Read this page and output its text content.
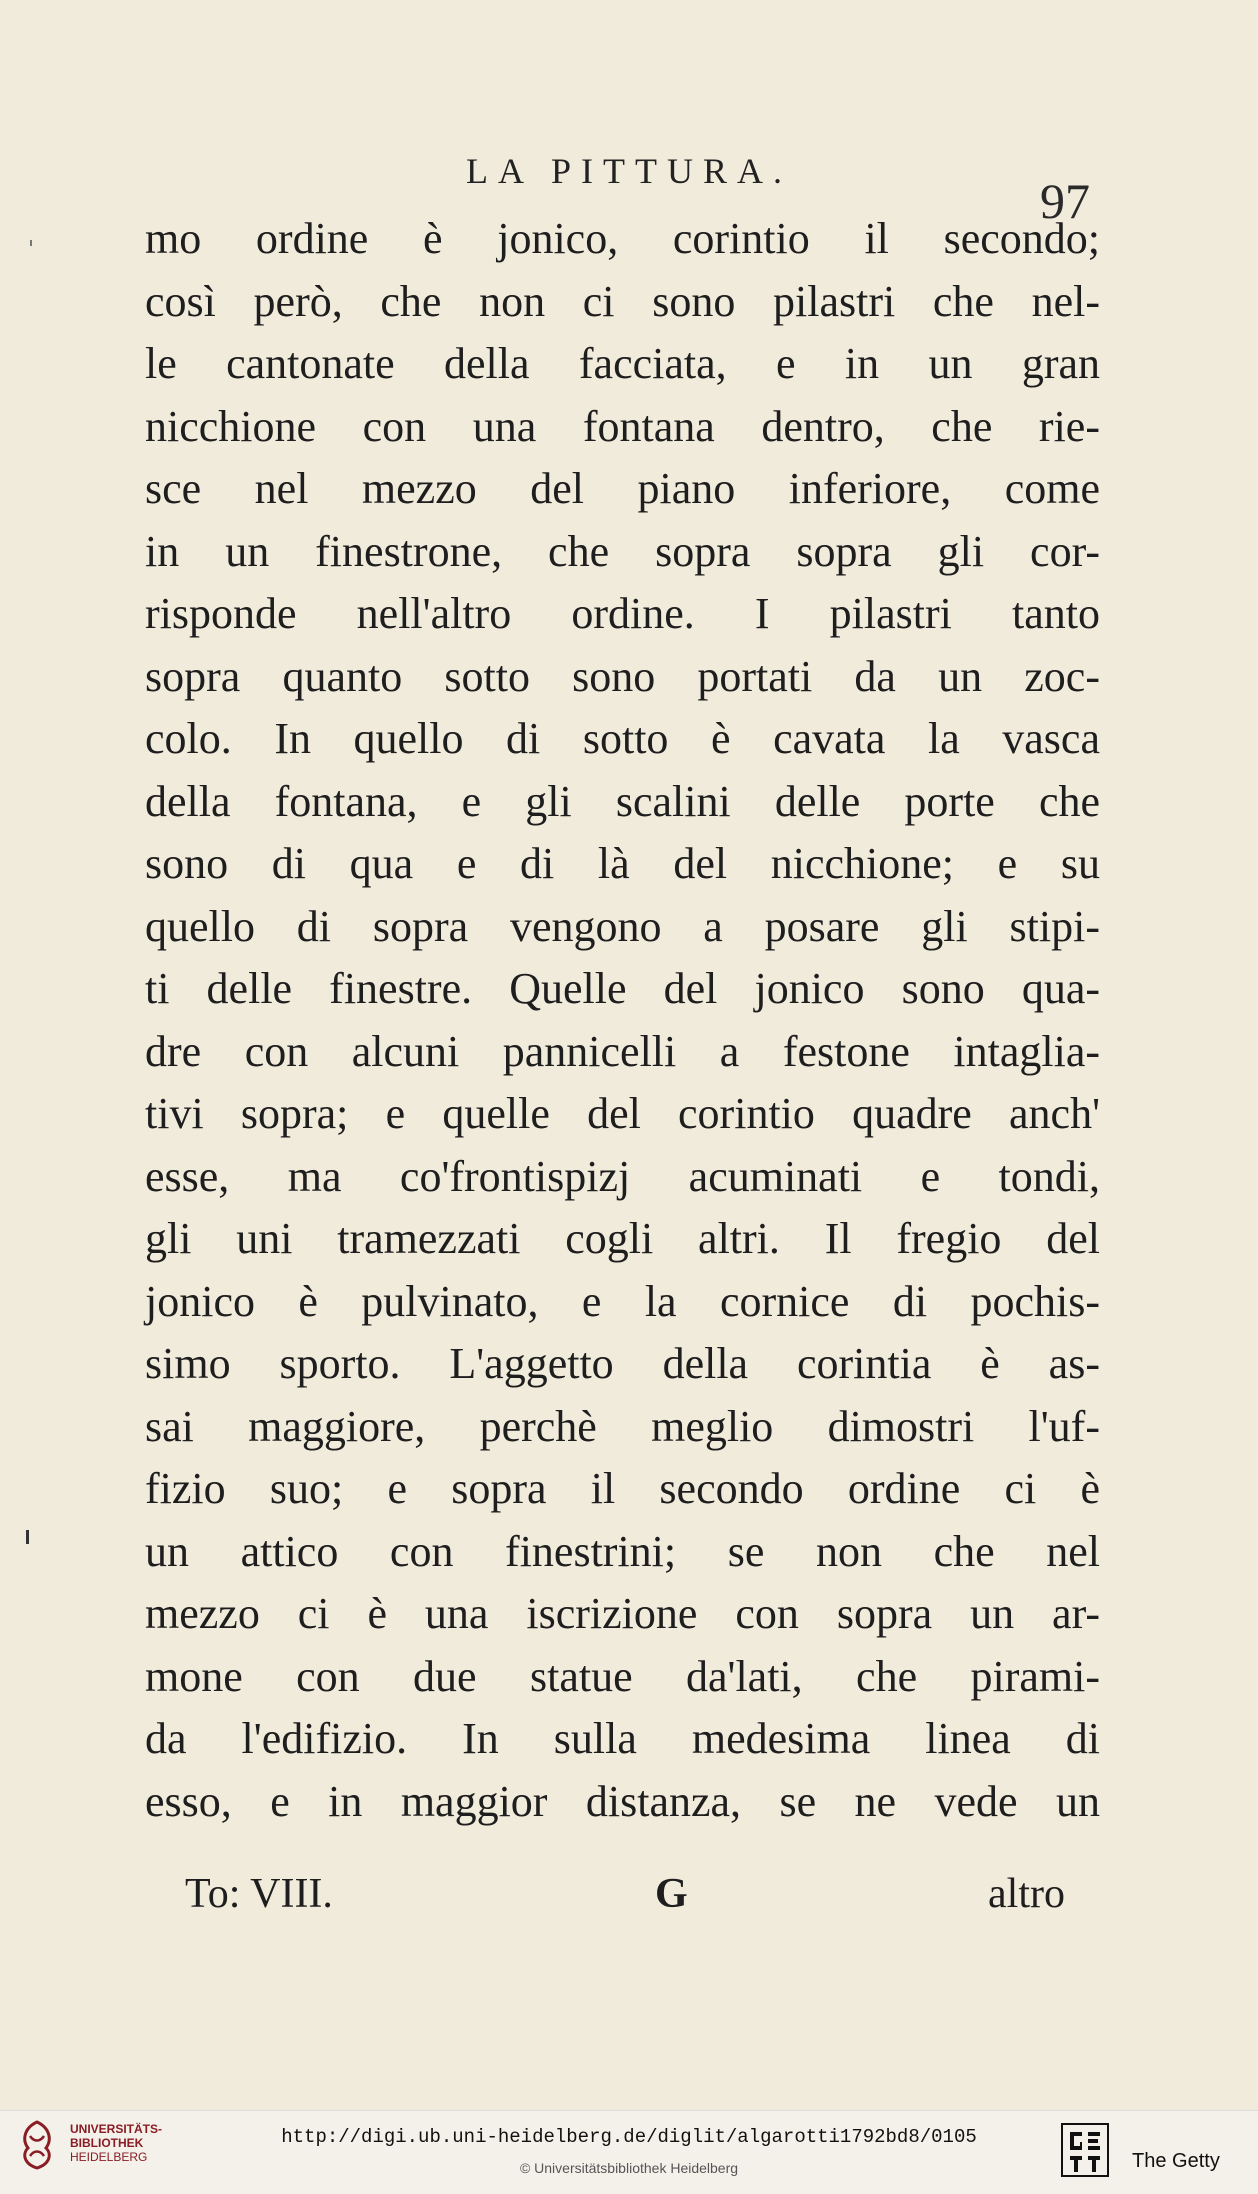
LA PITTURA.
97
mo ordine è jonico, corintio il secondo;
così però, che non ci sono pilastri che nel-
le cantonate della facciata, e in un gran
nicchione con una fontana dentro, che rie-
sce nel mezzo del piano inferiore, come
in un finestrone, che sopra sopra gli cor-
risponde nell'altro ordine. I pilastri tanto
sopra quanto sotto sono portati da un zoc-
colo. In quello di sotto è cavata la vasca
della fontana, e gli scalini delle porte che
sono di qua e di là del nicchione; e su
quello di sopra vengono a posare gli stipi-
ti delle finestre. Quelle del jonico sono qua-
dre con alcuni pannicelli a festone intaglia-
tivi sopra; e quelle del corintio quadre anch'
esse, ma co'frontispizj acuminati e tondi,
gli uni tramezzati cogli altri. Il fregio del
jonico è pulvinato, e la cornice di pochis-
simo sporto. L'aggetto della corintia è as-
sai maggiore, perchè meglio dimostri l'uf-
fizio suo; e sopra il secondo ordine ci è
un attico con finestrini; se non che nel
mezzo ci è una iscrizione con sopra un ar-
mone con due statue da'lati, che pirami-
da l'edifizio. In sulla medesima linea di
esso, e in maggior distanza, se ne vede un
To: VIII.	G	altro
UNIVERSITÄTS-
BIBLIOTHEK
HEIDELBERG
http://digi.ub.uni-heidelberg.de/diglit/algarotti1792bd8/0105
© Universitätsbibliothek Heidelberg	The Getty
